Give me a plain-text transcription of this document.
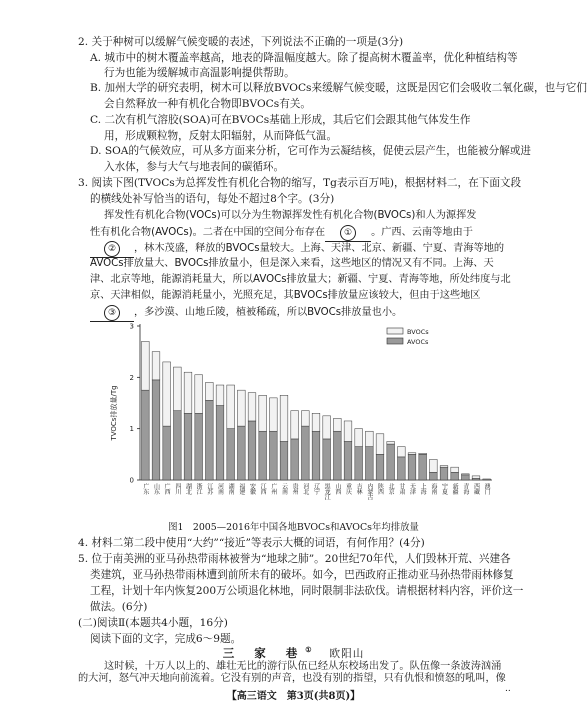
2. 关于种树可以缓解气候变暖的表述，下列说法不正确的一项是(3分)
A. 城市中的树木覆盖率越高，地表的降温幅度越大。除了提高树木覆盖率，优化种植结构等
行为也能为缓解城市高温影响提供帮助。
B. 加州大学的研究表明，树木可以释放BVOCs来缓解气候变暖，这既是因它们会吸收二氧化碳，也与它们
会自然释放一种有机化合物即BVOCs有关。
C. 二次有机气溶胶(SOA)可在BVOCs基础上形成，其后它们会跟其他气体发生作
用，形成颗粒物，反射太阳辐射，从而降低气温。
D. SOA的气候效应，可从多方面来分析，它可作为云凝结核，促使云层产生，也能被分解或进
入水体，参与大气与地表间的碳循环。
3. 阅读下图(TVOCs为总挥发性有机化合物的缩写，Tg表示百万吨)，根据材料二，在下面文段
的横线处补写恰当的语句，每处不超过8个字。(3分)
挥发性有机化合物(VOCs)可以分为生物源挥发性有机化合物(BVOCs)和人为源挥发
性有机化合物(AVOCs)。二者在中国的空间分布存在 ① 。广西、云南等地由于
② ，林木茂盛，释放的BVOCs量较大。上海、天津、北京、新疆、宁夏、青海等地的
AVOCs排放量大、BVOCs排放量小，但是深入来看，这些地区的情况又有不同。上海、天
津、北京等地，能源消耗量大，所以AVOCs排放量大；新疆、宁夏、青海等地，所处纬度与北
京、天津相似，能源消耗量小，光照充足，其BVOCs排放量应该较大，但由于这些地区
③ ，多沙漠、山地丘陵，植被稀疏，所以BVOCs排放量也小。
TVOCs排放量/Tg
0
1
2
3
广东 山东 广西 四川 湖北 浙江 江苏 河南 湖南 福建 安徽 江西 广州 云南 贵州 河北 辽宁 黑龙江 山西 重庆 吉林 内蒙古 陕西 北京 甘肃 天津 上海 海南 宁夏 新疆 青海 西藏 澳门
BVOCs
AVOCs
图1　2005—2016年中国各地BVOCs和AVOCs年均排放量
4. 材料二第二段中使用“大约”“接近”等表示大概的词语，有何作用？(4分)
5. 位于南美洲的亚马孙热带雨林被誉为“地球之肺”。20世纪70年代，人们毁林开荒、兴建各
类建筑，亚马孙热带雨林遭到前所未有的破坏。如今，巴西政府正推动亚马孙热带雨林修复
工程，计划十年内恢复200万公顷退化林地，同时限制非法砍伐。请根据材料内容，评价这一
做法。(6分)
(二)阅读Ⅱ(本题共4小题，16分)
阅读下面的文字，完成6～9题。
三 家 巷① 欧阳山
这时候，十万人以上的、雄壮无比的游行队伍已经从东校场出发了。队伍像一条波涛汹涌
【高三语文　第3页(共8页)】
..
的大河，怒气冲天地向前流着。它没有别的声音，也没有别的指望，只有仇恨和愤怒的吼叫，像
